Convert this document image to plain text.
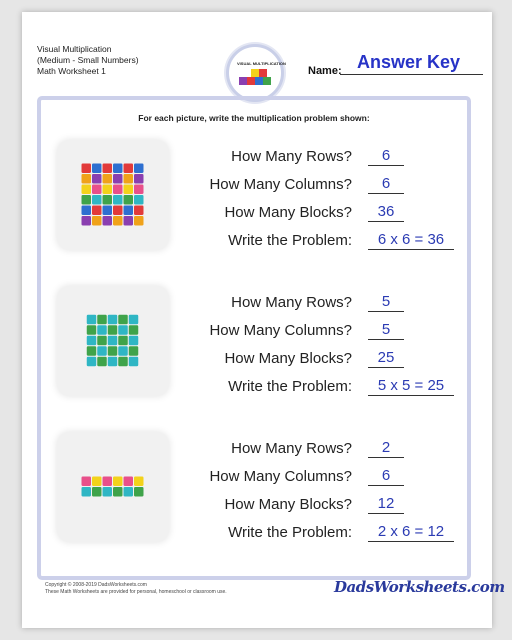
Visual Multiplication
(Medium - Small Numbers)
Math Worksheet 1
VISUAL MULTIPLICATION
Name: Answer Key
For each picture, write the multiplication problem shown:
How Many Rows?	6
How Many Columns?	6
How Many Blocks?	36
Write the Problem:	6 x 6 = 36
How Many Rows?	5
How Many Columns?	5
How Many Blocks?	25
Write the Problem:	5 x 5 = 25
How Many Rows?	2
How Many Columns?	6
How Many Blocks?	12
Write the Problem:	2 x 6 = 12
Copyright © 2008-2019 DadsWorksheets.com
These Math Worksheets are provided for personal, homeschool or classroom use.	DadsWorksheets.com
